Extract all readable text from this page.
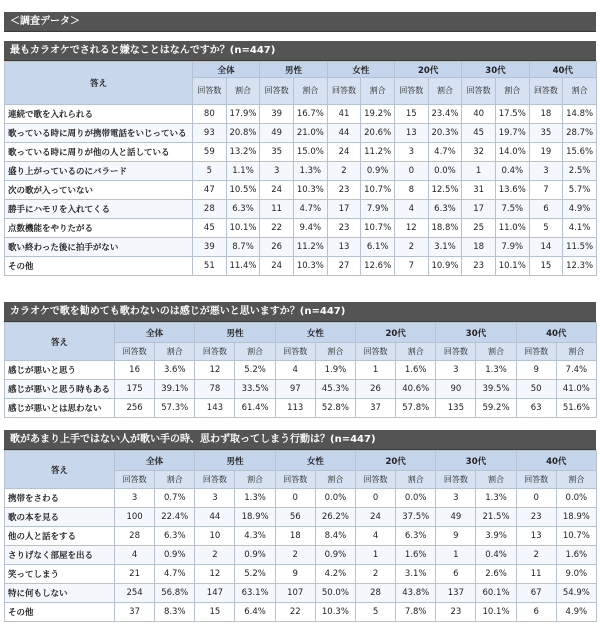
＜調査データ＞
最もカラオケでされると嫌なことはなんですか？(n=447)
答え	全体		男性		女性		20代		30代		40代	
	回答数	割合	回答数	割合	回答数	割合	回答数	割合	回答数	割合	回答数	割合
連続で歌を入れられる	80	17.9%	39	16.7%	41	19.2%	15	23.4%	40	17.5%	18	14.8%
歌っている時に周りが携帯電話をいじっている	93	20.8%	49	21.0%	44	20.6%	13	20.3%	45	19.7%	35	28.7%
歌っている時に周りが他の人と話している	59	13.2%	35	15.0%	24	11.2%	3	4.7%	32	14.0%	19	15.6%
盛り上がっているのにバラード	5	1.1%	3	1.3%	2	0.9%	0	0.0%	1	0.4%	3	2.5%
次の歌が入っていない	47	10.5%	24	10.3%	23	10.7%	8	12.5%	31	13.6%	7	5.7%
勝手にハモリを入れてくる	28	6.3%	11	4.7%	17	7.9%	4	6.3%	17	7.5%	6	4.9%
点数機能をやりたがる	45	10.1%	22	9.4%	23	10.7%	12	18.8%	25	11.0%	5	4.1%
歌い終わった後に拍手がない	39	8.7%	26	11.2%	13	6.1%	2	3.1%	18	7.9%	14	11.5%
その他	51	11.4%	24	10.3%	27	12.6%	7	10.9%	23	10.1%	15	12.3%
カラオケで歌を勧めても歌わないのは感じが悪いと思いますか？(n=447)
答え	全体		男性		女性		20代		30代		40代	
	回答数	割合	回答数	割合	回答数	割合	回答数	割合	回答数	割合	回答数	割合
感じが悪いと思う	16	3.6%	12	5.2%	4	1.9%	1	1.6%	3	1.3%	9	7.4%
感じが悪いと思う時もある	175	39.1%	78	33.5%	97	45.3%	26	40.6%	90	39.5%	50	41.0%
感じが悪いとは思わない	256	57.3%	143	61.4%	113	52.8%	37	57.8%	135	59.2%	63	51.6%
歌があまり上手ではない人が歌い手の時、思わず取ってしまう行動は？(n=447)
答え	全体		男性		女性		20代		30代		40代	
	回答数	割合	回答数	割合	回答数	割合	回答数	割合	回答数	割合	回答数	割合
携帯をさわる	3	0.7%	3	1.3%	0	0.0%	0	0.0%	3	1.3%	0	0.0%
歌の本を見る	100	22.4%	44	18.9%	56	26.2%	24	37.5%	49	21.5%	23	18.9%
他の人と話をする	28	6.3%	10	4.3%	18	8.4%	4	6.3%	9	3.9%	13	10.7%
さりげなく部屋を出る	4	0.9%	2	0.9%	2	0.9%	1	1.6%	1	0.4%	2	1.6%
笑ってしまう	21	4.7%	12	5.2%	9	4.2%	2	3.1%	6	2.6%	11	9.0%
特に何もしない	254	56.8%	147	63.1%	107	50.0%	28	43.8%	137	60.1%	67	54.9%
その他	37	8.3%	15	6.4%	22	10.3%	5	7.8%	23	10.1%	6	4.9%
